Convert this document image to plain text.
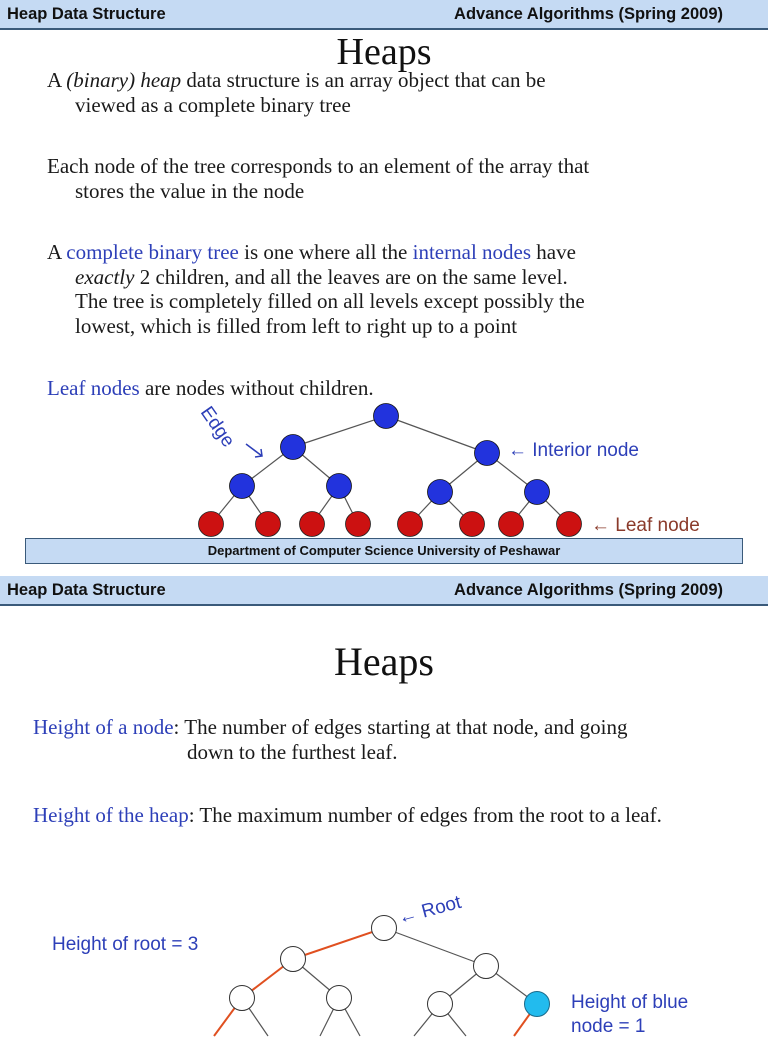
Heap Data Structure	Advance Algorithms (Spring 2009)
Heaps
A (binary) heap data structure is an array object that can be
viewed as a complete binary tree
Each node of the tree corresponds to an element of the array that
stores the value in the node
A complete binary tree is one where all the internal nodes have
exactly 2 children, and all the leaves are on the same level.
The tree is completely filled on all levels except possibly the
lowest, which is filled from left to right up to a point
Leaf nodes are nodes without children.
Edge	← Interior node
← Leaf node
Department of Computer Science University of Peshawar
Heap Data Structure	Advance Algorithms (Spring 2009)
Heaps
Height of a node: The number of edges starting at that node, and going
down to the furthest leaf.
Height of the heap: The maximum number of edges from the root to a leaf.
← Root
Height of root = 3
Height of blue
node = 1
